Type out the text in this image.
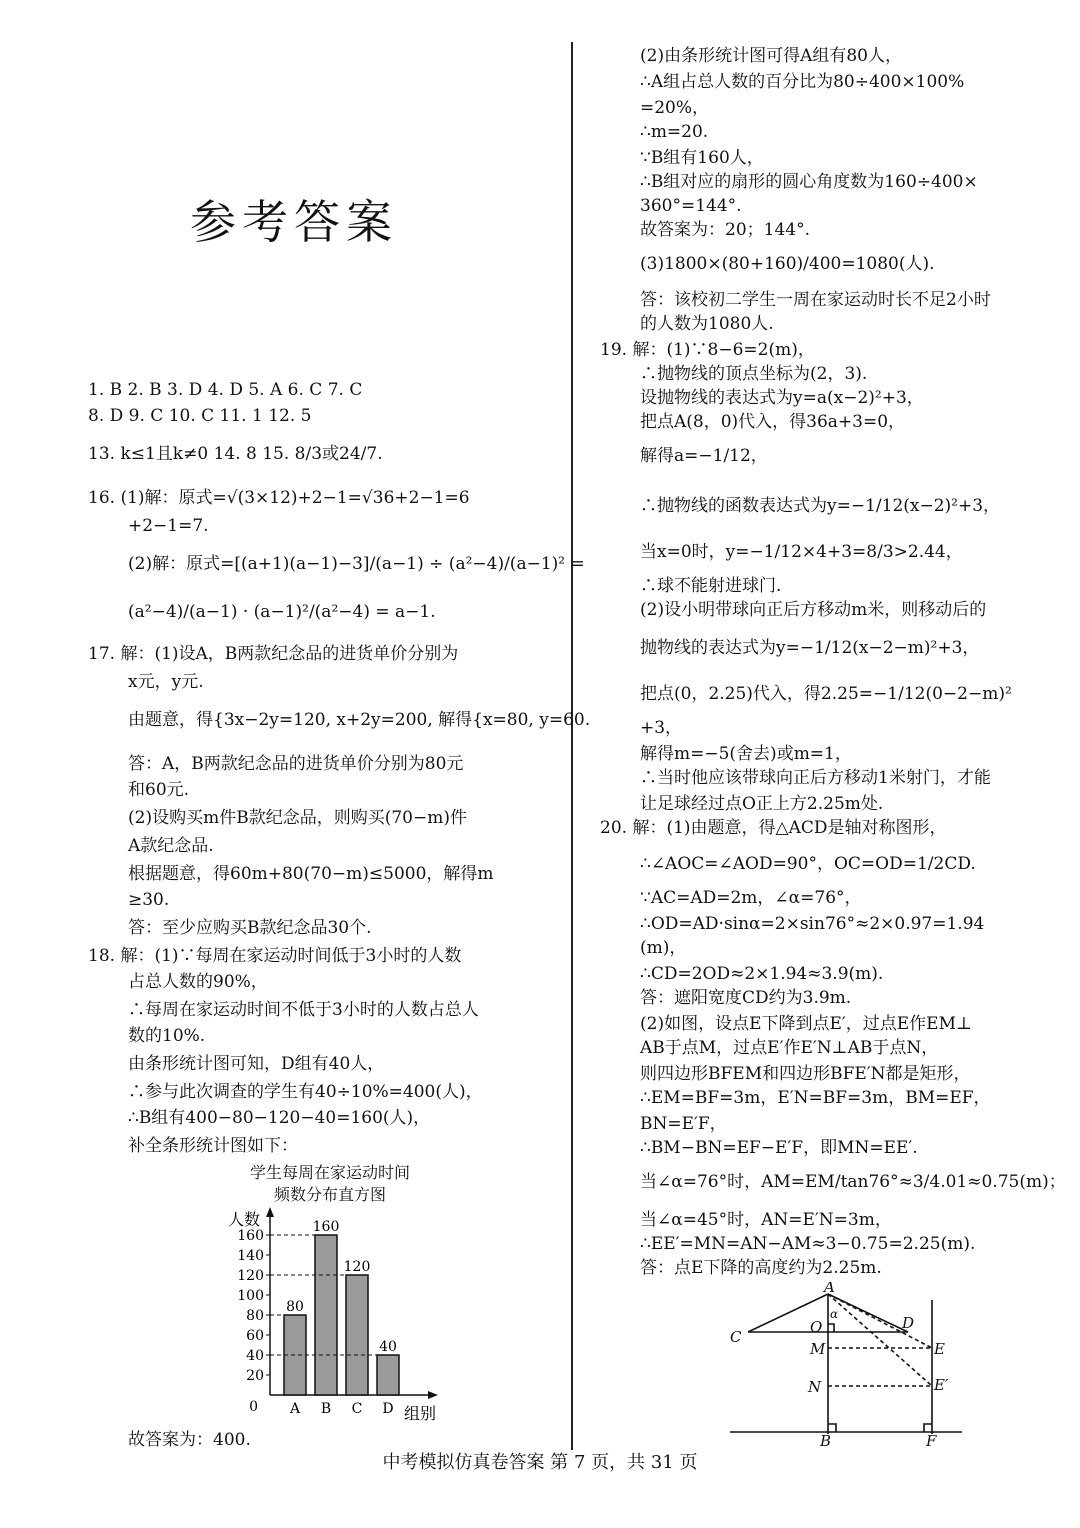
参考答案
1. B 2. B 3. D 4. D 5. A 6. C 7. C
8. D 9. C 10. C 11. 1 12. 5
13. k≤1且k≠0 14. 8 15. 8/3或24/7.
16. (1)解：原式=√(3×12)+2−1=√36+2−1=6
+2−1=7.
(2)解：原式=[(a+1)(a−1)−3]/(a−1) ÷ (a²−4)/(a−1)² =
(a²−4)/(a−1) · (a−1)²/(a²−4) = a−1.
17. 解：(1)设A，B两款纪念品的进货单价分别为
x元，y元.
由题意，得{3x−2y=120, x+2y=200, 解得{x=80, y=60.
答：A，B两款纪念品的进货单价分别为80元
和60元.
(2)设购买m件B款纪念品，则购买(70−m)件
A款纪念品.
根据题意，得60m+80(70−m)≤5000，解得m
≥30.
答：至少应购买B款纪念品30个.
18. 解：(1)∵每周在家运动时间低于3小时的人数
占总人数的90%，
∴每周在家运动时间不低于3小时的人数占总人
数的10%.
由条形统计图可知，D组有40人，
∴参与此次调查的学生有40÷10%=400(人)，
∴B组有400−80−120−40=160(人)，
补全条形统计图如下：
故答案为：400.
学生每周在家运动时间
频数分布直方图
0
20
40
60
80
100
120
140
160
80
A
160
B
120
C
40
D
人数
组别
(2)由条形统计图可得A组有80人，
∴A组占总人数的百分比为80÷400×100%
=20%，
∴m=20.
∵B组有160人，
∴B组对应的扇形的圆心角度数为160÷400×
360°=144°.
故答案为：20；144°.
(3)1800×(80+160)/400=1080(人).
答：该校初二学生一周在家运动时长不足2小时
的人数为1080人.
19. 解：(1)∵8−6=2(m)，
∴抛物线的顶点坐标为(2，3).
设抛物线的表达式为y=a(x−2)²+3，
把点A(8，0)代入，得36a+3=0，
解得a=−1/12，
∴抛物线的函数表达式为y=−1/12(x−2)²+3，
当x=0时，y=−1/12×4+3=8/3>2.44，
∴球不能射进球门.
(2)设小明带球向正后方移动m米，则移动后的
抛物线的表达式为y=−1/12(x−2−m)²+3，
把点(0，2.25)代入，得2.25=−1/12(0−2−m)²
+3，
解得m=−5(舍去)或m=1，
∴当时他应该带球向正后方移动1米射门，才能
让足球经过点O正上方2.25m处.
20. 解：(1)由题意，得△ACD是轴对称图形，
∴∠AOC=∠AOD=90°，OC=OD=1/2CD.
∵AC=AD=2m，∠α=76°，
∴OD=AD·sinα=2×sin76°≈2×0.97=1.94
(m)，
∴CD=2OD≈2×1.94≈3.9(m).
答：遮阳宽度CD约为3.9m.
(2)如图，设点E下降到点E′，过点E作EM⊥
AB于点M，过点E′作E′N⊥AB于点N，
则四边形BFEM和四边形BFE′N都是矩形，
∴EM=BF=3m，E′N=BF=3m，BM=EF，
BN=E′F，
∴BM−BN=EF−E′F，即MN=EE′.
当∠α=76°时，AM=EM/tan76°≈3/4.01≈0.75(m)；
当∠α=45°时，AN=E′N=3m，
∴EE′=MN=AN−AM≈3−0.75=2.25(m).
答：点E下降的高度约为2.25m.
A
O
α
C
D
M
N
E
E′
B	F
中考模拟仿真卷答案 第 7 页，共 31 页
